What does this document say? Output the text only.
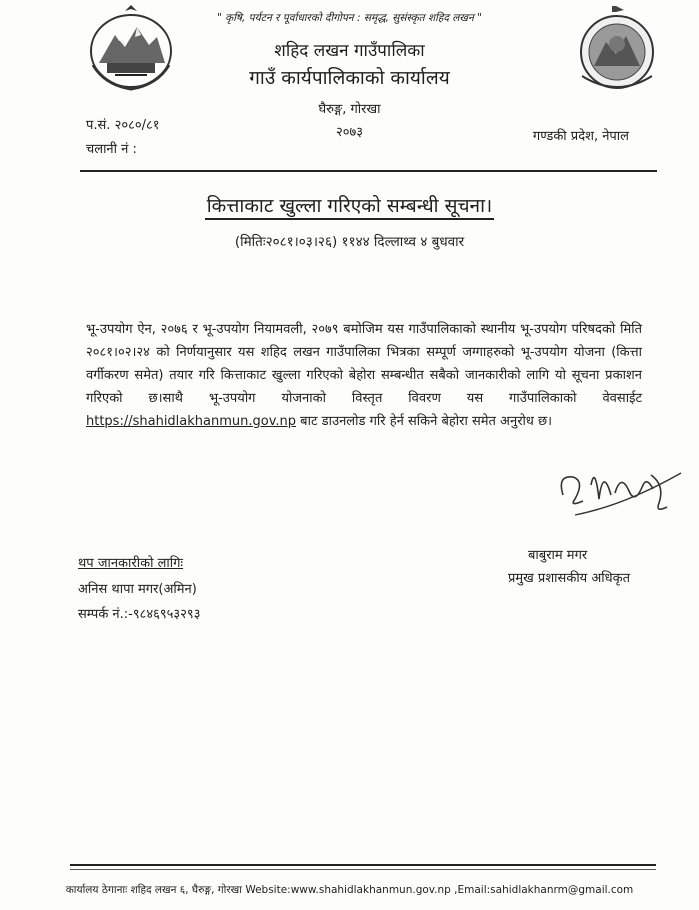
" कृषि, पर्यटन र पूर्वाधारको दीगोपन : समृद्ध, सुसंस्कृत शहिद लखन "
शहिद लखन गाउँपालिका
गाउँ कार्यपालिकाको कार्यालय
घैरुङ्ग, गोरखा
२०७३
प.सं. २०८०/८१
चलानी नं :
गण्डकी प्रदेश, नेपाल
कित्ताकाट खुल्ला गरिएको सम्बन्धी सूचना।
(मितिः२०८१।०३।२६) ११४४ दिल्लाथ्व ४ बुधवार
भू-उपयोग ऐन, २०७६ र भू-उपयोग नियामवली, २०७९ बमोजिम यस गाउँपालिकाको स्थानीय भू-उपयोग परिषदको मिति २०८१।०२।२४ को निर्णयानुसार यस शहिद लखन गाउँपालिका भित्रका सम्पूर्ण जग्गाहरुको भू-उपयोग योजना (कित्ता वर्गीकरण समेत) तयार गरि कित्ताकाट खुल्ला गरिएको बेहोरा सम्बन्धीत सबैको जानकारीको लागि यो सूचना प्रकाशन गरिएको छ।साथै भू-उपयोग योजनाको विस्तृत विवरण यस गाउँपालिकाको वेवसाईट https://shahidlakhanmun.gov.np बाट डाउनलोड गरि हेर्न सकिने बेहोरा समेत अनुरोध छ।
बाबुराम मगर
प्रमुख प्रशासकीय अधिकृत
थप जानकारीको लागिः
अनिस थापा मगर(अमिन)
सम्पर्क नं.:-९८४६९५३२९३
कार्यालय ठेगानाः शहिद लखन ६, घैरुङ्ग, गोरखा Website:www.shahidlakhanmun.gov.np ,Email:sahidlakhanrm@gmail.com
